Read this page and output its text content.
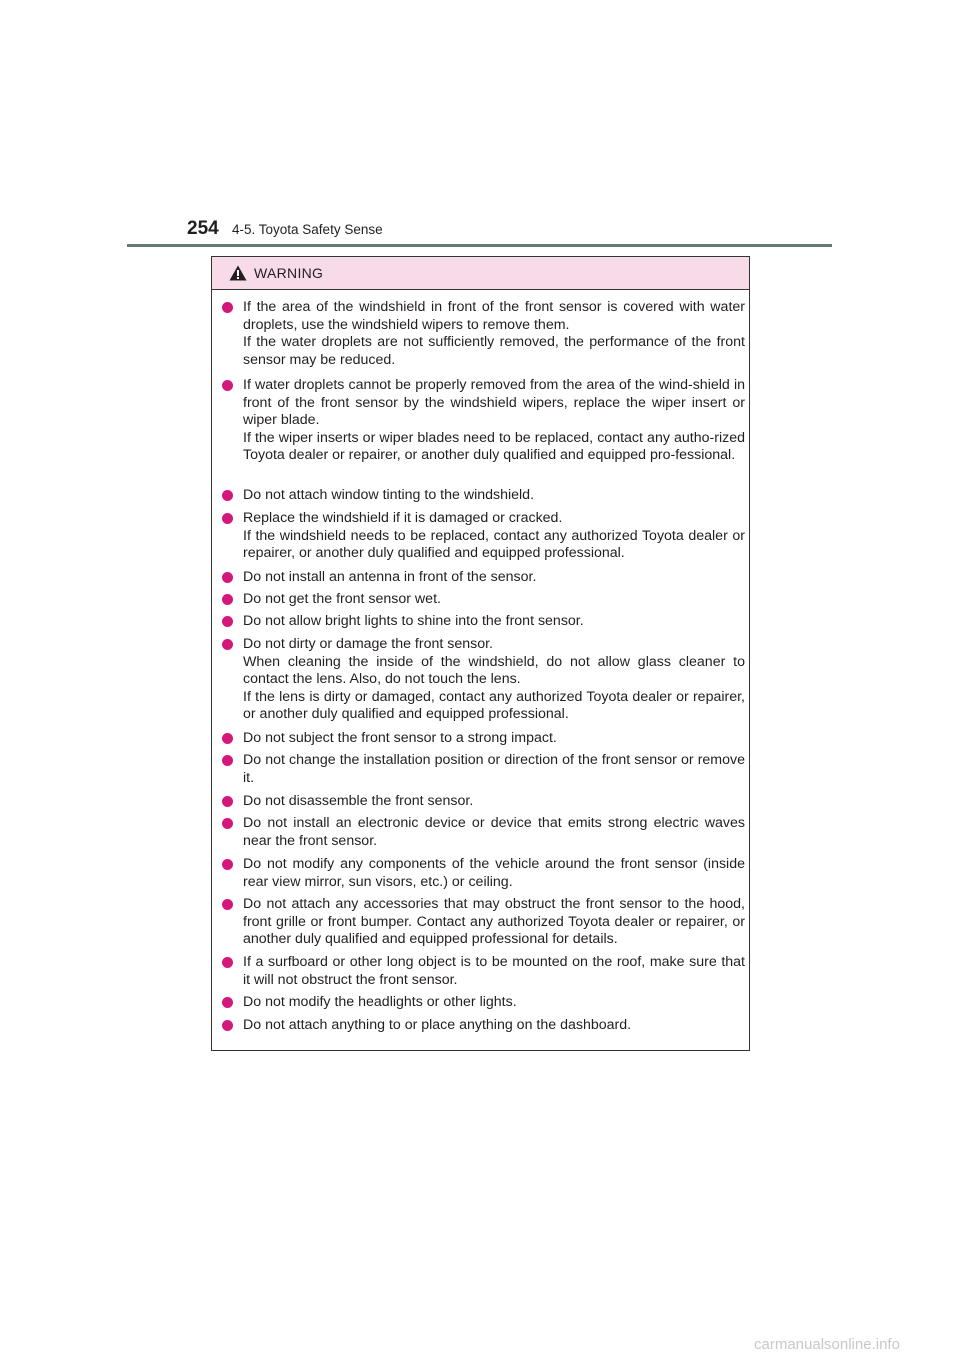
254 4-5. Toyota Safety Sense
WARNING
If the area of the windshield in front of the front sensor is covered with water droplets, use the windshield wipers to remove them.
If the water droplets are not sufficiently removed, the performance of the front sensor may be reduced.
If water droplets cannot be properly removed from the area of the wind-shield in front of the front sensor by the windshield wipers, replace the wiper insert or wiper blade.
If the wiper inserts or wiper blades need to be replaced, contact any autho-rized Toyota dealer or repairer, or another duly qualified and equipped pro-fessional.
Do not attach window tinting to the windshield.
Replace the windshield if it is damaged or cracked.
If the windshield needs to be replaced, contact any authorized Toyota dealer or repairer, or another duly qualified and equipped professional.
Do not install an antenna in front of the sensor.
Do not get the front sensor wet.
Do not allow bright lights to shine into the front sensor.
Do not dirty or damage the front sensor.
When cleaning the inside of the windshield, do not allow glass cleaner to contact the lens. Also, do not touch the lens.
If the lens is dirty or damaged, contact any authorized Toyota dealer or repairer, or another duly qualified and equipped professional.
Do not subject the front sensor to a strong impact.
Do not change the installation position or direction of the front sensor or remove it.
Do not disassemble the front sensor.
Do not install an electronic device or device that emits strong electric waves near the front sensor.
Do not modify any components of the vehicle around the front sensor (inside rear view mirror, sun visors, etc.) or ceiling.
Do not attach any accessories that may obstruct the front sensor to the hood, front grille or front bumper. Contact any authorized Toyota dealer or repairer, or another duly qualified and equipped professional for details.
If a surfboard or other long object is to be mounted on the roof, make sure that it will not obstruct the front sensor.
Do not modify the headlights or other lights.
Do not attach anything to or place anything on the dashboard.
carmanualsonline.info
